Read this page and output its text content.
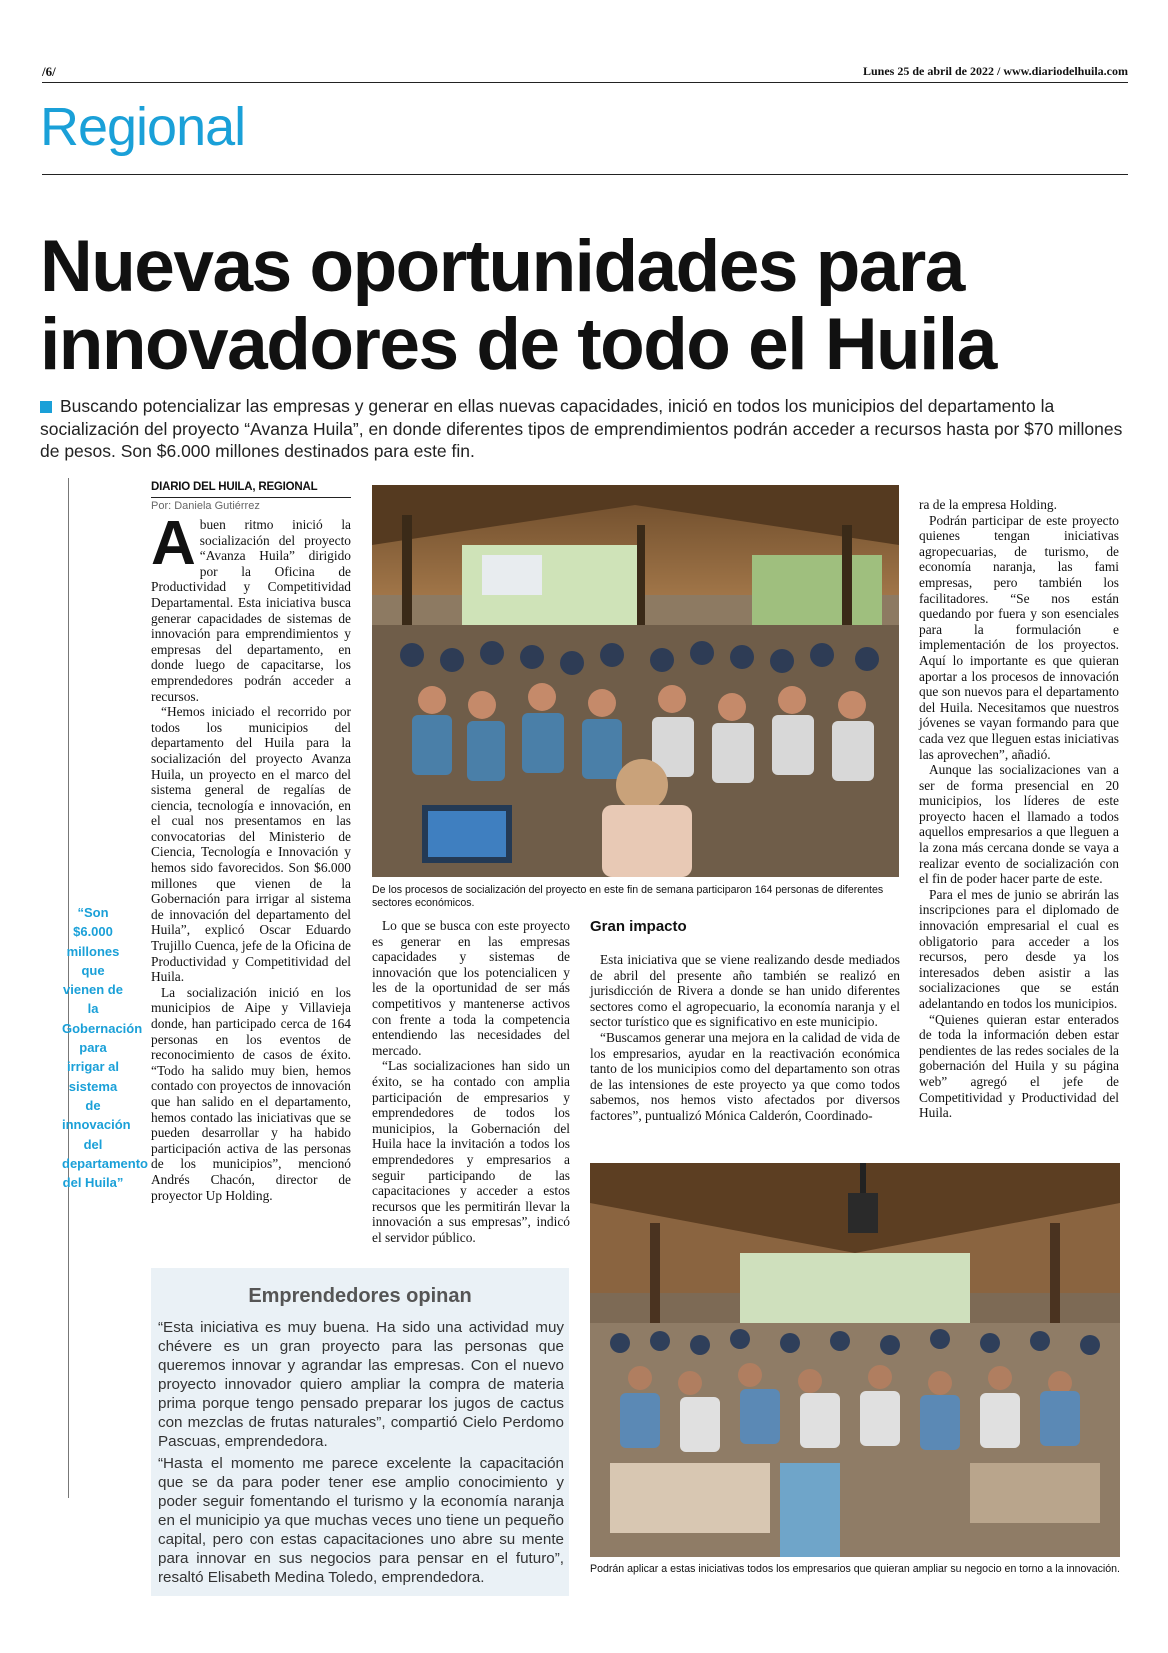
/6/	Lunes 25 de abril de 2022 / www.diariodelhuila.com
Regional
Nuevas oportunidades para innovadores de todo el Huila

Buscando potencializar las empresas y generar en ellas nuevas capacidades, inició en todos los municipios del departamento la socialización del proyecto “Avanza Huila”, en donde diferentes tipos de emprendimientos podrán acceder a recursos hasta por $70 millones de pesos. Son $6.000 millones destinados para este fin.

“Son $6.000 millones que vienen de la Gobernación para irrigar al sistema de innovación del departamento del Huila”
DIARIO DEL HUILA, REGIONAL
Por: Daniela Gutiérrez

Abuen ritmo inició la socialización del proyecto “Avanza Huila” dirigido por la Oficina de Productividad y Competitividad Departamental. Esta iniciativa busca generar capacidades de sistemas de innovación para emprendimientos y empresas del departamento, en donde luego de capacitarse, los emprendedores podrán acceder a recursos.

“Hemos iniciado el recorrido por todos los municipios del departamento del Huila para la socialización del proyecto Avanza Huila, un proyecto en el marco del sistema general de regalías de ciencia, tecnología e innovación, en el cual nos presentamos en las convocatorias del Ministerio de Ciencia, Tecnología e Innovación y hemos sido favorecidos. Son $6.000 millones que vienen de la Gobernación para irrigar al sistema de innovación del departamento del Huila”, explicó Oscar Eduardo Trujillo Cuenca, jefe de la Oficina de Productividad y Competitividad del Huila.

La socialización inició en los municipios de Aipe y Villavieja donde, han participado cerca de 164 personas en los eventos de reconocimiento de casos de éxito. “Todo ha salido muy bien, hemos contado con proyectos de innovación que han salido en el departamento, hemos contado las iniciativas que se pueden desarrollar y ha habido participación activa de las personas de los municipios”, mencionó Andrés Chacón, director de proyector Up Holding.

De los procesos de socialización del proyecto en este fin de semana participaron 164 personas de diferentes sectores económicos.

Lo que se busca con este proyecto es generar en las empresas capacidades y sistemas de innovación que los potencialicen y les de la oportunidad de ser más competitivos y mantenerse activos con frente a toda la competencia entendiendo las necesidades del mercado.

“Las socializaciones han sido un éxito, se ha contado con amplia participación de empresarios y emprendedores de todos los municipios, la Gobernación del Huila hace la invitación a todos los emprendedores y empresarios a seguir participando de las capacitaciones y acceder a estos recursos que les permitirán llevar la innovación a sus empresas”, indicó el servidor público.

Gran impacto

Esta iniciativa que se viene realizando desde mediados de abril del presente año también se realizó en jurisdicción de Rivera a donde se han unido diferentes sectores como el agropecuario, la economía naranja y el sector turístico que es significativo en este municipio.

“Buscamos generar una mejora en la calidad de vida de los empresarios, ayudar en la reactivación económica tanto de los municipios como del departamento son otras de las intensiones de este proyecto ya que como todos sabemos, nos hemos visto afectados por diversos factores”, puntualizó Mónica Calderón, Coordinado-

ra de la empresa Holding.

Podrán participar de este proyecto quienes tengan iniciativas agropecuarias, de turismo, de economía naranja, las fami empresas, pero también los facilitadores. “Se nos están quedando por fuera y son esenciales para la formulación e implementación de los proyectos. Aquí lo importante es que quieran aportar a los procesos de innovación que son nuevos para el departamento del Huila. Necesitamos que nuestros jóvenes se vayan formando para que cada vez que lleguen estas iniciativas las aprovechen”, añadió.

Aunque las socializaciones van a ser de forma presencial en 20 municipios, los líderes de este proyecto hacen el llamado a todos aquellos empresarios a que lleguen a la zona más cercana donde se vaya a realizar evento de socialización con el fin de poder hacer parte de este.

Para el mes de junio se abrirán las inscripciones para el diplomado de innovación empresarial el cual es obligatorio para acceder a los recursos, pero desde ya los interesados deben asistir a las socializaciones que se están adelantando en todos los municipios.

“Quienes quieran estar enterados de toda la información deben estar pendientes de las redes sociales de la gobernación del Huila y su página web” agregó el jefe de Competitividad y Productividad del Huila.

Podrán aplicar a estas iniciativas todos los empresarios que quieran ampliar su negocio en torno a la innovación.
Emprendedores opinan

“Esta iniciativa es muy buena. Ha sido una actividad muy chévere es un gran proyecto para las personas que queremos innovar y agrandar las empresas. Con el nuevo proyecto innovador quiero ampliar la compra de materia prima porque tengo pensado preparar los jugos de cactus con mezclas de frutas naturales”, compartió Cielo Perdomo Pascuas, emprendedora.

“Hasta el momento me parece excelente la capacitación que se da para poder tener ese amplio conocimiento y poder seguir fomentando el turismo y la economía naranja en el municipio ya que muchas veces uno tiene un pequeño capital, pero con estas capacitaciones uno abre su mente para innovar en sus negocios para pensar en el futuro”, resaltó Elisabeth Medina Toledo, emprendedora.
